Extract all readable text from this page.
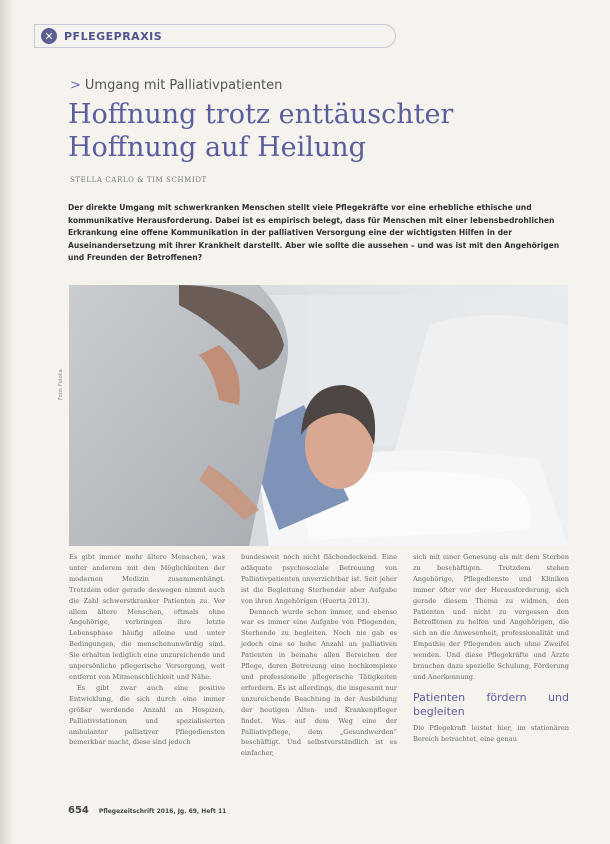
✕ PFLEGEPRAXIS
> Umgang mit Palliativpatienten
Hoffnung trotz enttäuschter
Hoffnung auf Heilung
STELLA CARLO & TIM SCHMIDT

Der direkte Umgang mit schwerkranken Menschen stellt viele Pflegekräfte vor eine erhebliche ethische und kommunikative Herausforderung. Dabei ist es empirisch belegt, dass für Menschen mit einer lebensbedrohlichen Erkrankung eine offene Kommunikation in der palliativen Versorgung eine der wichtigsten Hilfen in der Auseinandersetzung mit ihrer Krankheit darstellt. Aber wie sollte die aussehen – und was ist mit den Angehörigen und Freunden der Betroffenen?

Foto: Fotolia

Es gibt immer mehr ältere Menschen, was unter anderem mit den Möglichkeiten der modernen Medizin zusammenhängt. Trotzdem oder gerade deswegen nimmt auch die Zahl schwerstkranker Patienten zu. Vor allem ältere Menschen, oftmals ohne Angehörige, verbringen ihre letzte Lebensphase häufig alleine und unter Bedingungen, die menschenunwürdig sind. Sie erhalten lediglich eine unzureichende und unpersönliche pflegerische Versorgung, weit entfernt von Mitmenschlichkeit und Nähe.

Es gibt zwar auch eine positive Entwicklung, die sich durch eine immer größer werdende Anzahl an Hospizen, Palliativstationen und spezialisierten ambulanter palliativer Pflegediensten bemerkbar macht, diese sind jedoch

bundesweit noch nicht flächendeckend. Eine adäquate psychosoziale Betreuung von Palliativpatienten unverzichtbar ist. Seit jeher ist die Begleitung Sterbender aber Aufgabe von ihren Angehörigen (Huerta 2013).

Dennoch wurde schon immer, und ebenso war es immer eine Aufgabe von Pflegenden, Sterbende zu begleiten. Noch nie gab es jedoch eine so hohe Anzahl an palliativen Patienten in beinahe allen Bereichen der Pflege, deren Betreuung eine hochkomplexe und professionelle pflegerische Tätigkeiten erfordern. Es ist allerdings, die insgesamt nur unzureichende Beachtung in der Ausbildung der heutigen Alten- und Krankenpfleger findet. Was auf dem Weg eine der Palliativpflege, dem „Gesundwerden“ beschäftigt. Und selbstverständlich ist es einfacher,

sich mit einer Genesung als mit dem Sterben zu beschäftigen. Trotzdem stehen Angehörige, Pflegedienste und Kliniken immer öfter vor der Herausforderung, sich gerade diesem Thema zu widmen, den Patienten und nicht zu vergessen den Betroffenen zu helfen und Angehörigen, die sich an die Anwesenheit, professionalität und Empathie der Pflegenden auch ohne Zweifel wenden. Und diese Pflegekräfte und Ärzte brauchen dazu spezielle Schulung, Förderung und Anerkennung.

Patienten fördern und begleiten

Die Pflegekraft leistet hier, im stationären Bereich betrachtet, eine genau

654 Pflegezeitschrift 2016, Jg. 69, Heft 11
